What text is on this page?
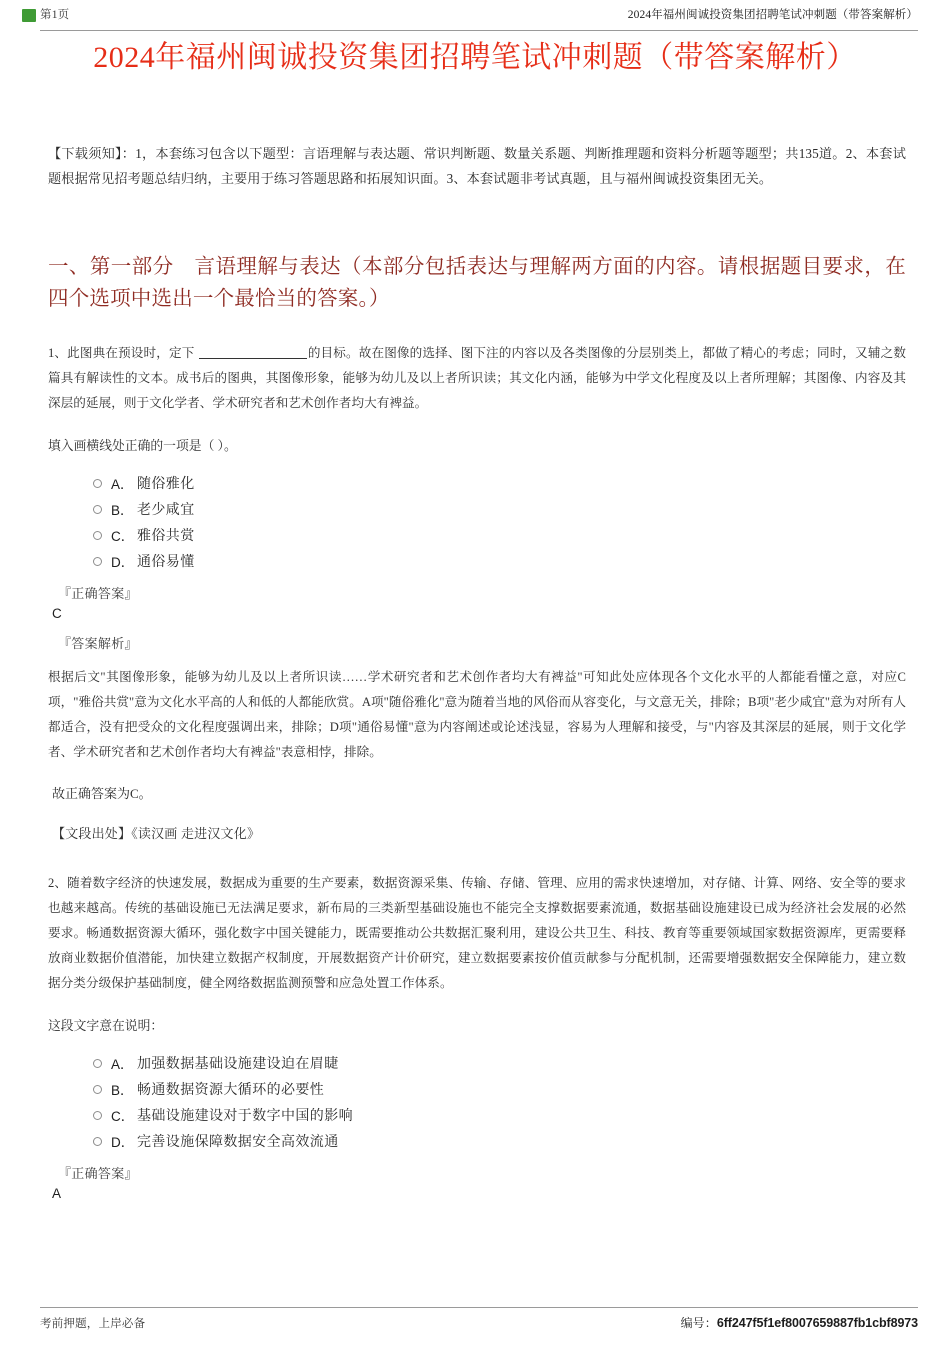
第1页	2024年福州闽诚投资集团招聘笔试冲刺题（带答案解析）
2024年福州闽诚投资集团招聘笔试冲刺题（带答案解析）
【下载须知】：1，本套练习包含以下题型：言语理解与表达题、常识判断题、数量关系题、判断推理题和资料分析题等题型；共135道。2、本套试题根据常见招考题总结归纳，主要用于练习答题思路和拓展知识面。3、本套试题非考试真题，且与福州闽诚投资集团无关。
一、第一部分　言语理解与表达（本部分包括表达与理解两方面的内容。请根据题目要求，在四个选项中选出一个最恰当的答案。）
1、此图典在预设时，定下	的目标。故在图像的选择、图下注的内容以及各类图像的分层别类上，都做了精心的考虑；同时，又辅之数篇具有解读性的文本。成书后的图典，其图像形象，能够为幼儿及以上者所识读；其文化内涵，能够为中学文化程度及以上者所理解；其图像、内容及其深层的延展，则于文化学者、学术研究者和艺术创作者均大有裨益。
填入画横线处正确的一项是（ ）。
A． 随俗雅化
B． 老少咸宜
C． 雅俗共赏
D． 通俗易懂
『正确答案』
C
『答案解析』
根据后文"其图像形象，能够为幼儿及以上者所识读……学术研究者和艺术创作者均大有裨益"可知此处应体现各个文化水平的人都能看懂之意，对应C项，"雅俗共赏"意为文化水平高的人和低的人都能欣赏。A项"随俗雅化"意为随着当地的风俗而从容变化，与文意无关，排除；B项"老少咸宜"意为对所有人都适合，没有把受众的文化程度强调出来，排除；D项"通俗易懂"意为内容阐述或论述浅显，容易为人理解和接受，与"内容及其深层的延展，则于文化学者、学术研究者和艺术创作者均大有裨益"表意相悖，排除。
故正确答案为C。
【文段出处】《读汉画 走进汉文化》
2、随着数字经济的快速发展，数据成为重要的生产要素，数据资源采集、传输、存储、管理、应用的需求快速增加，对存储、计算、网络、安全等的要求也越来越高。传统的基础设施已无法满足要求，新布局的三类新型基础设施也不能完全支撑数据要素流通，数据基础设施建设已成为经济社会发展的必然要求。畅通数据资源大循环，强化数字中国关键能力，既需要推动公共数据汇聚利用，建设公共卫生、科技、教育等重要领域国家数据资源库，更需要释放商业数据价值潜能，加快建立数据产权制度，开展数据资产计价研究，建立数据要素按价值贡献参与分配机制，还需要增强数据安全保障能力，建立数据分类分级保护基础制度，健全网络数据监测预警和应急处置工作体系。
这段文字意在说明：
A． 加强数据基础设施建设迫在眉睫
B． 畅通数据资源大循环的必要性
C． 基础设施建设对于数字中国的影响
D． 完善设施保障数据安全高效流通
『正确答案』
A
考前押题，上岸必备	编号：6ff247f5f1ef8007659887fb1cbf8973
